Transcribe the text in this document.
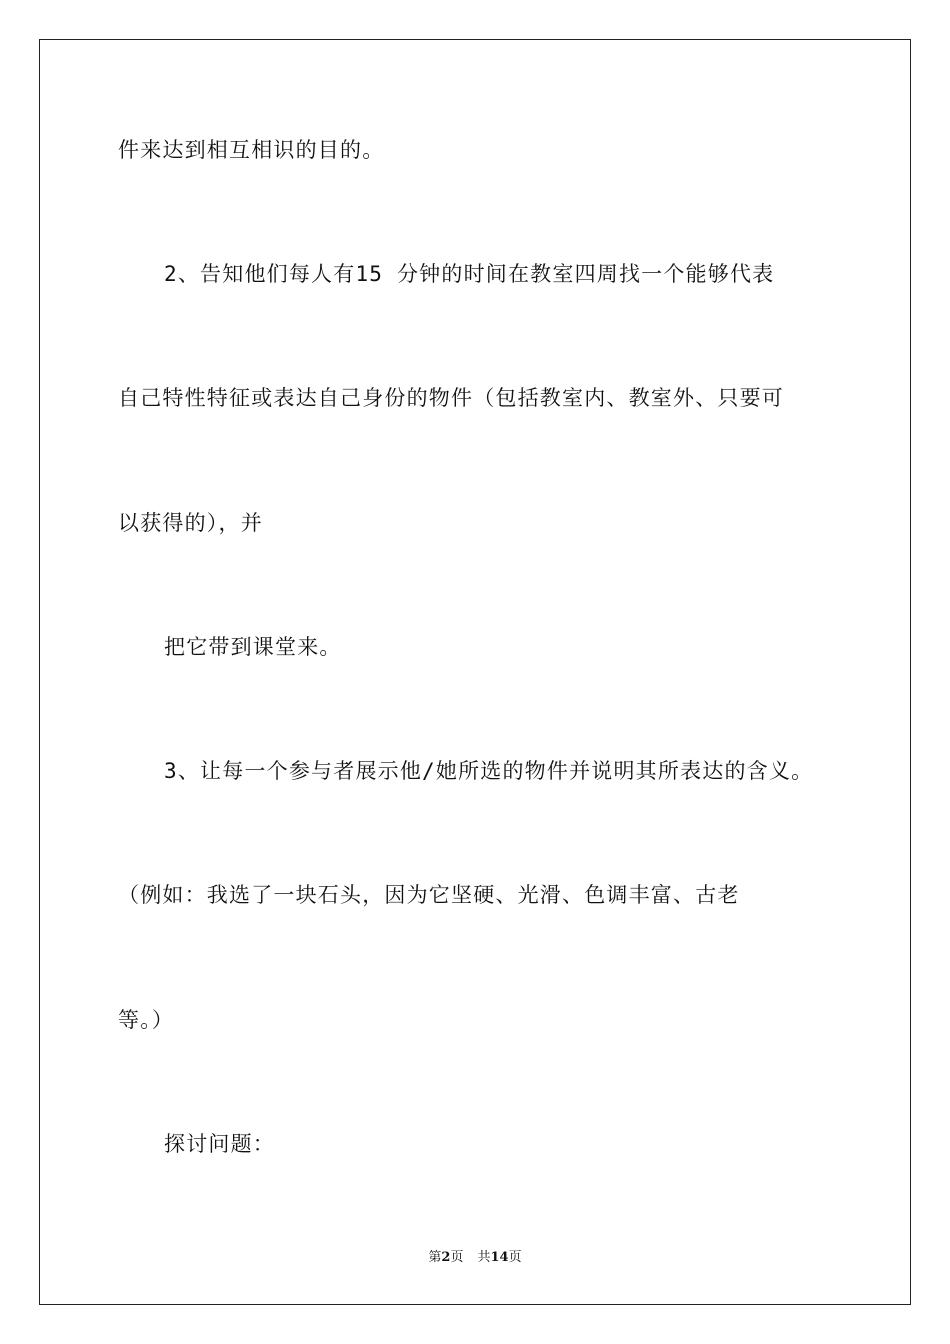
件来达到相互相识的目的。

2、告知他们每人有15 分钟的时间在教室四周找一个能够代表

自己特性特征或表达自己身份的物件（包括教室内、教室外、只要可

以获得的），并

把它带到课堂来。

3、让每一个参与者展示他/她所选的物件并说明其所表达的含义。

（例如：我选了一块石头，因为它坚硬、光滑、色调丰富、古老

等。）

探讨问题：

第2页 共14页
